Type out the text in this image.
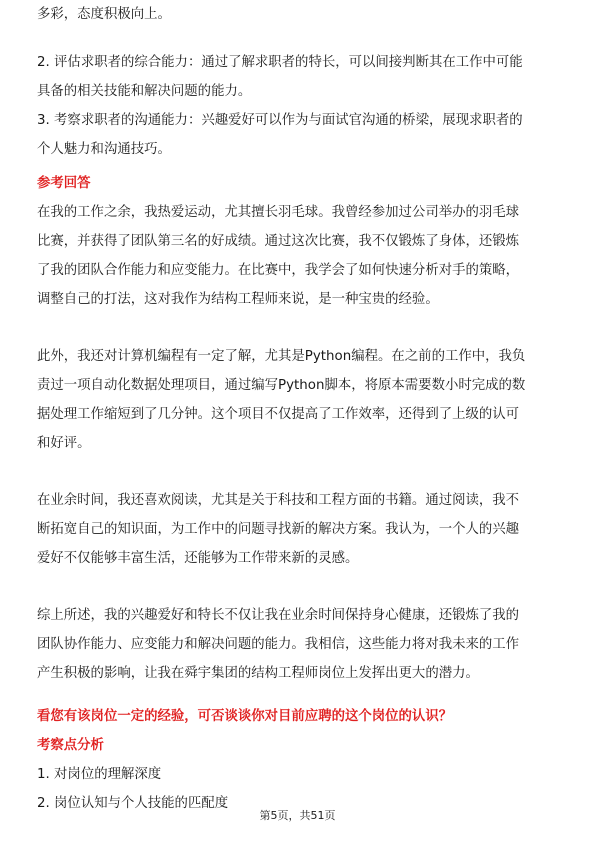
多彩，态度积极向上。
2. 评估求职者的综合能力：通过了解求职者的特长，可以间接判断其在工作中可能
具备的相关技能和解决问题的能力。
3. 考察求职者的沟通能力：兴趣爱好可以作为与面试官沟通的桥梁，展现求职者的
个人魅力和沟通技巧。
参考回答
在我的工作之余，我热爱运动，尤其擅长羽毛球。我曾经参加过公司举办的羽毛球
比赛，并获得了团队第三名的好成绩。通过这次比赛，我不仅锻炼了身体，还锻炼
了我的团队合作能力和应变能力。在比赛中，我学会了如何快速分析对手的策略，
调整自己的打法，这对我作为结构工程师来说，是一种宝贵的经验。
此外，我还对计算机编程有一定了解，尤其是Python编程。在之前的工作中，我负
责过一项自动化数据处理项目，通过编写Python脚本，将原本需要数小时完成的数
据处理工作缩短到了几分钟。这个项目不仅提高了工作效率，还得到了上级的认可
和好评。
在业余时间，我还喜欢阅读，尤其是关于科技和工程方面的书籍。通过阅读，我不
断拓宽自己的知识面，为工作中的问题寻找新的解决方案。我认为，一个人的兴趣
爱好不仅能够丰富生活，还能够为工作带来新的灵感。
综上所述，我的兴趣爱好和特长不仅让我在业余时间保持身心健康，还锻炼了我的
团队协作能力、应变能力和解决问题的能力。我相信，这些能力将对我未来的工作
产生积极的影响，让我在舜宇集团的结构工程师岗位上发挥出更大的潜力。
看您有该岗位一定的经验，可否谈谈你对目前应聘的这个岗位的认识？
考察点分析
1. 对岗位的理解深度
2. 岗位认知与个人技能的匹配度
第5页，共51页
